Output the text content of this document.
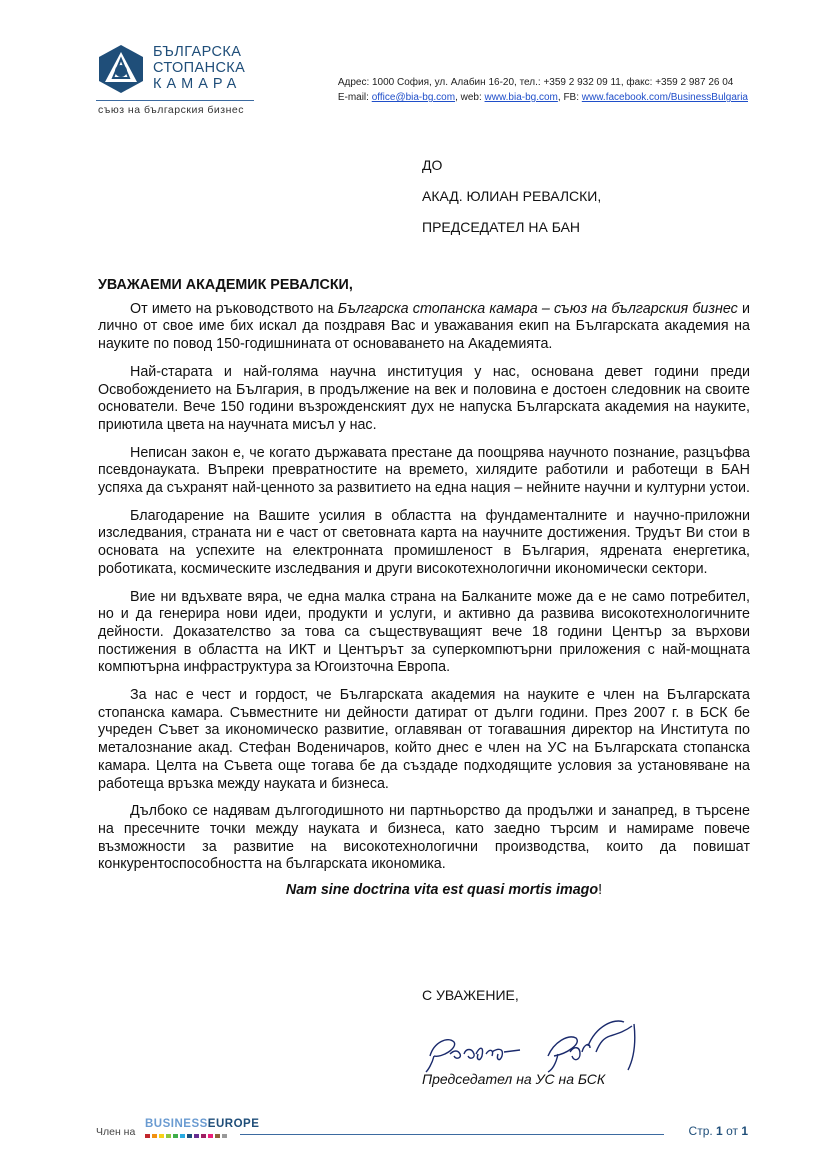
БЪЛГАРСКА
СТОПАНСКА
КАМАРА
съюз на българския бизнес
Адрес: 1000 София, ул. Алабин 16-20, тел.: +359 2 932 09 11, факс: +359 2 987 26 04
E-mail: office@bia-bg.com, web: www.bia-bg.com, FB: www.facebook.com/BusinessBulgaria
ДО
АКАД. ЮЛИАН РЕВАЛСКИ,
ПРЕДСЕДАТЕЛ НА БАН
УВАЖАЕМИ АКАДЕМИК РЕВАЛСКИ,

От името на ръководството на Българска стопанска камара – съюз на българския бизнес и лично от свое име бих искал да поздравя Вас и уважавания екип на Българската академия на науките по повод 150-годишнината от основаването на Академията.

Най-старата и най-голяма научна институция у нас, основана девет години преди Освобождението на България, в продължение на век и половина е достоен следовник на своите основатели. Вече 150 години възрожденският дух не напуска Българската академия на науките, приютила цвета на научната мисъл у нас.

Неписан закон е, че когато държавата престане да поощрява научното познание, разцъфва псевдонауката. Въпреки превратностите на времето, хилядите работили и работещи в БАН успяха да съхранят най-ценното за развитието на една нация – нейните научни и културни устои.

Благодарение на Вашите усилия в областта на фундаменталните и научно-приложни изследвания, страната ни е част от световната карта на научните достижения. Трудът Ви стои в основата на успехите на електронната промишленост в България, ядрената енергетика, роботиката, космическите изследвания и други високотехнологични икономически сектори.

Вие ни вдъхвате вяра, че една малка страна на Балканите може да е не само потребител, но и да генерира нови идеи, продукти и услуги, и активно да развива високотехнологичните дейности. Доказателство за това са съществуващият вече 18 години Център за върхови постижения в областта на ИКТ и Центърът за суперкомпютърни приложения с най-мощната компютърна инфраструктура за Югоизточна Европа.

За нас е чест и гордост, че Българската академия на науките е член на Българската стопанска камара. Съвместните ни дейности датират от дълги години. През 2007 г. в БСК бе учреден Съвет за икономическо развитие, оглавяван от тогавашния директор на Института по металознание акад. Стефан Воденичаров, който днес е член на УС на Българската стопанска камара. Целта на Съвета още тогава бе да създаде подходящите условия за установяване на работеща връзка между науката и бизнеса.

Дълбоко се надявам дългогодишното ни партньорство да продължи и занапред, в търсене на пресечните точки между науката и бизнеса, като заедно търсим и намираме повече възможности за развитие на високотехнологични производства, които да повишат конкурентоспособността на българската икономика.

Nam sine doctrina vita est quasi mortis imago!
С УВАЖЕНИЕ,
Председател на УС на БСК
Член на
BUSINESSEUROPE	Стр. 1 от 1
